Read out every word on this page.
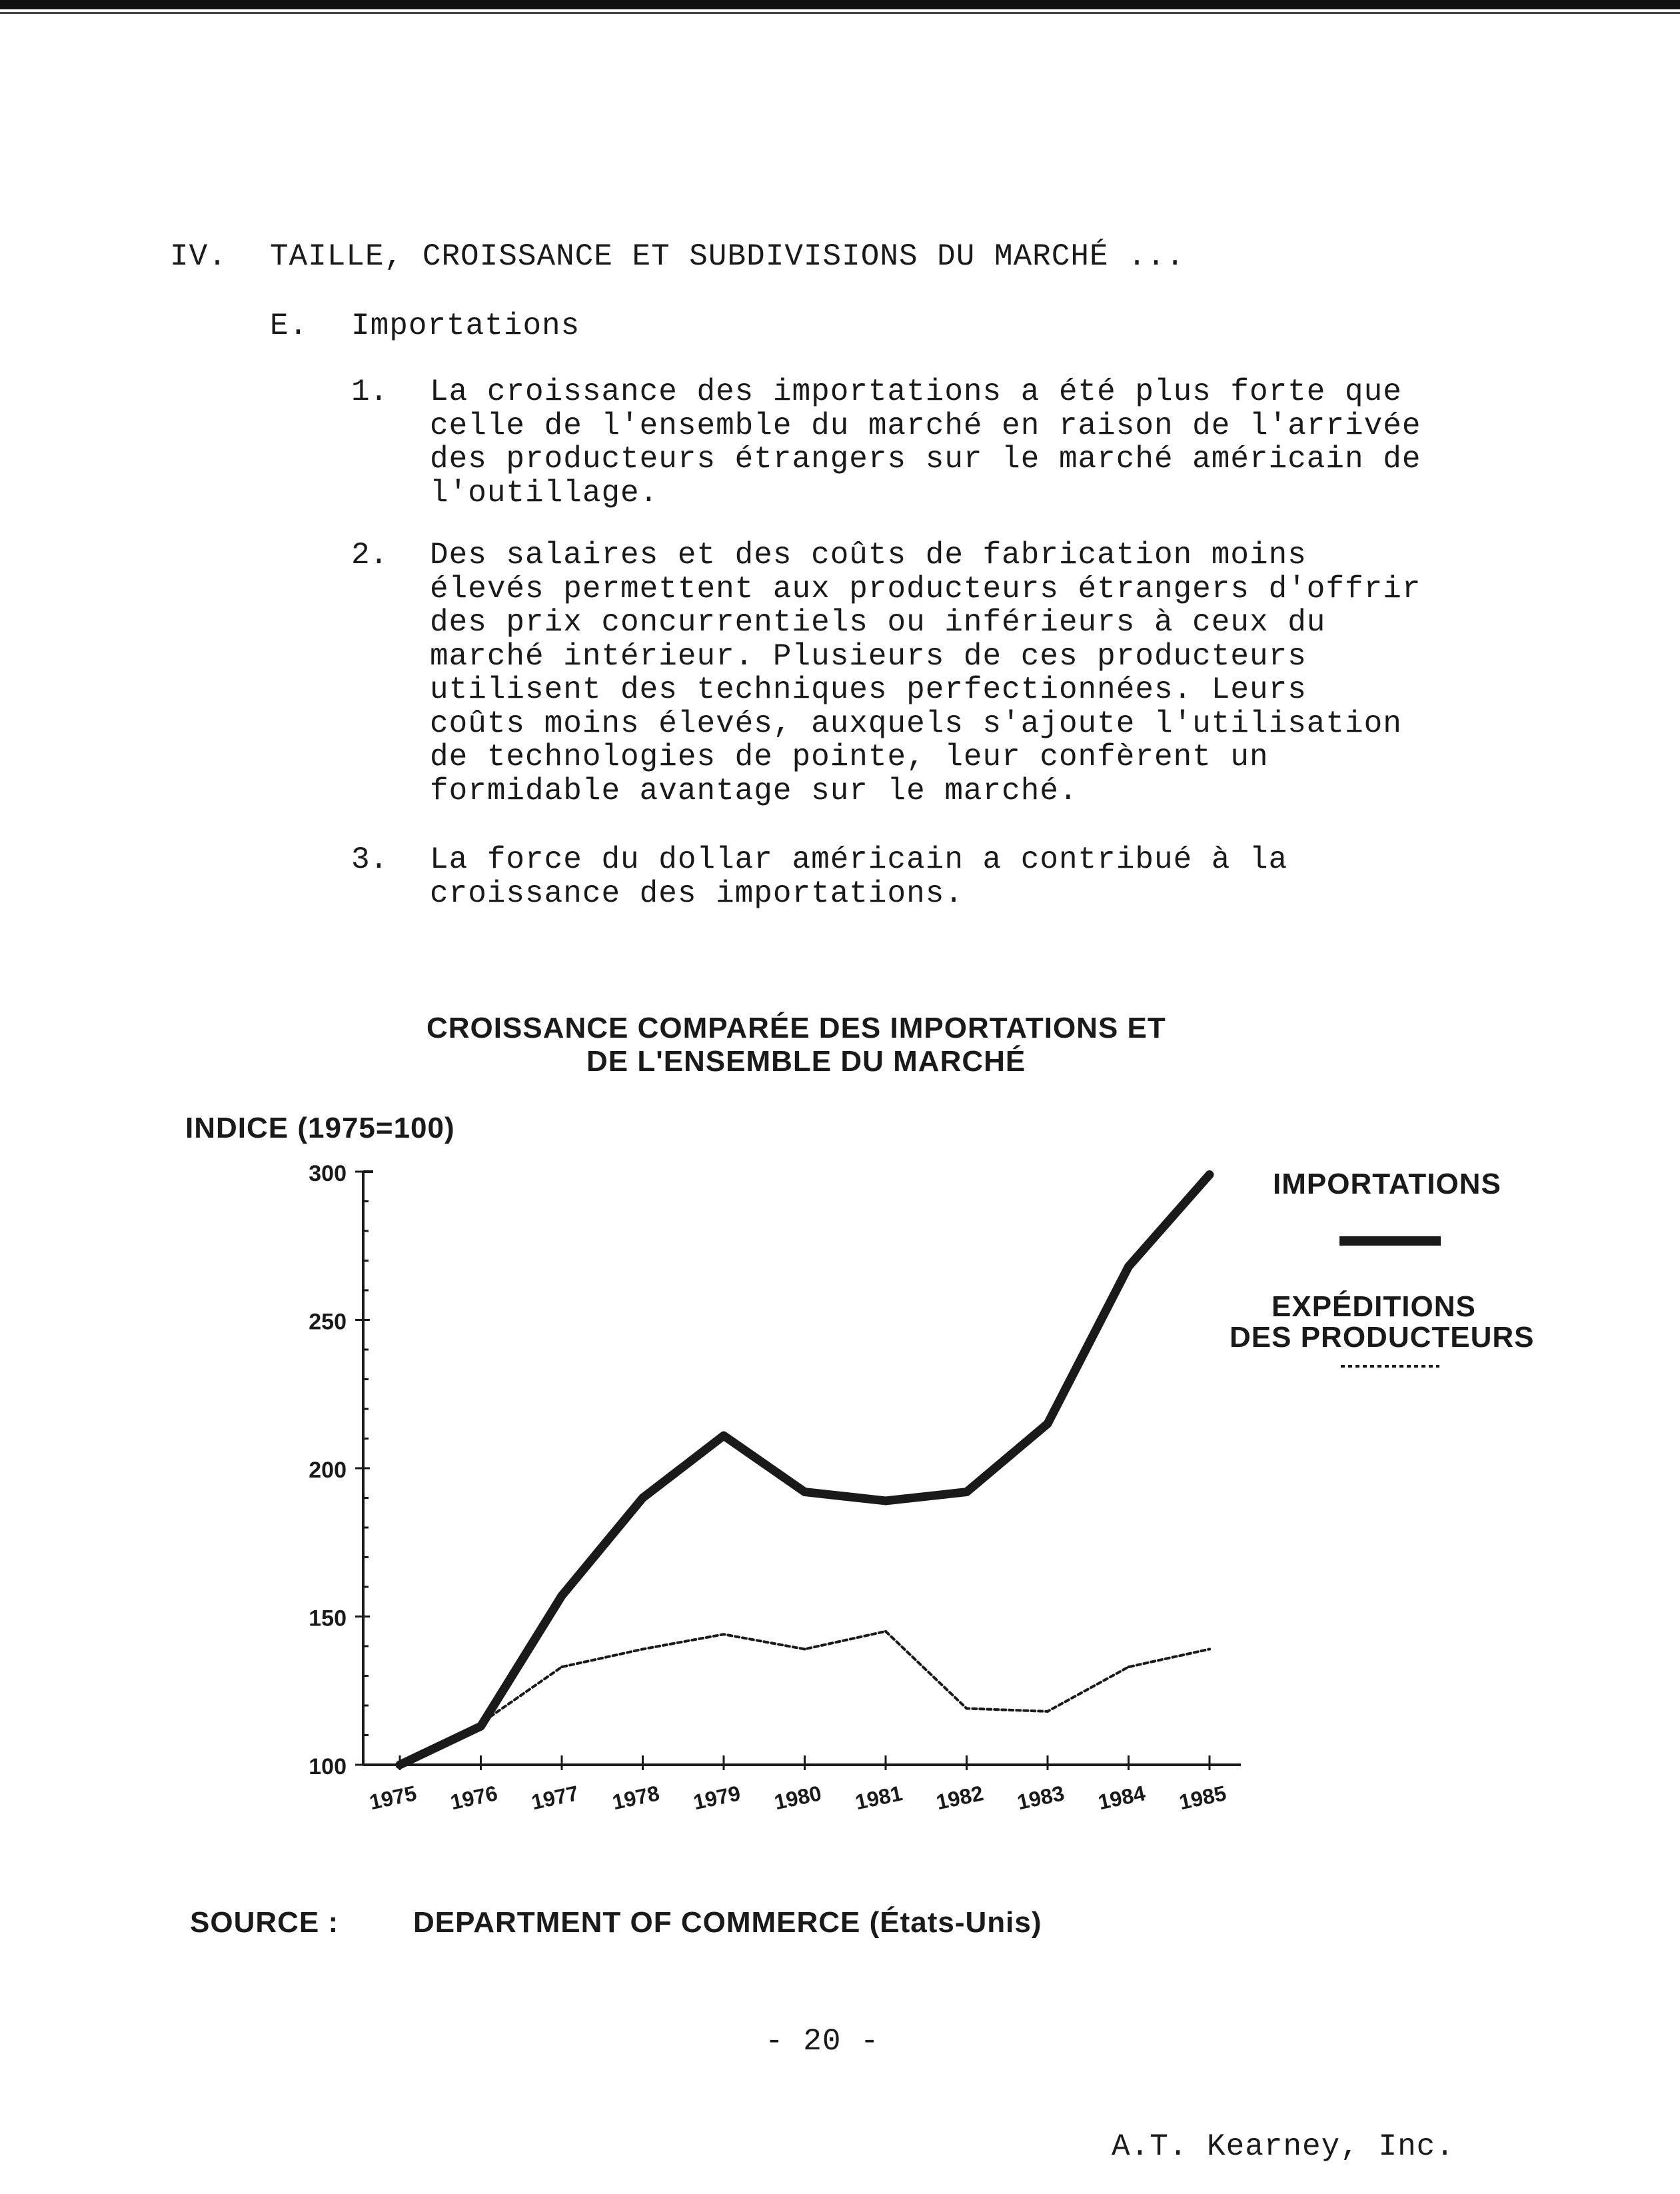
IV. TAILLE, CROISSANCE ET SUBDIVISIONS DU MARCHÉ ...
E. Importations
1. La croissance des importations a été plus forte que
celle de l'ensemble du marché en raison de l'arrivée
des producteurs étrangers sur le marché américain de
l'outillage.
2. Des salaires et des coûts de fabrication moins
élevés permettent aux producteurs étrangers d'offrir
des prix concurrentiels ou inférieurs à ceux du
marché intérieur. Plusieurs de ces producteurs
utilisent des techniques perfectionnées. Leurs
coûts moins élevés, auxquels s'ajoute l'utilisation
de technologies de pointe, leur confèrent un
formidable avantage sur le marché.
3. La force du dollar américain a contribué à la
croissance des importations.
CROISSANCE COMPARÉE DES IMPORTATIONS ET
DE L'ENSEMBLE DU MARCHÉ
INDICE (1975=100)
100
150
200
250
300
1975 1976 1977 1978 1979 1980 1981 1982 1983 1984 1985
IMPORTATIONS
EXPÉDITIONS
DES PRODUCTEURS
SOURCE :	DEPARTMENT OF COMMERCE (États-Unis)
- 20 -
A.T. Kearney, Inc.
